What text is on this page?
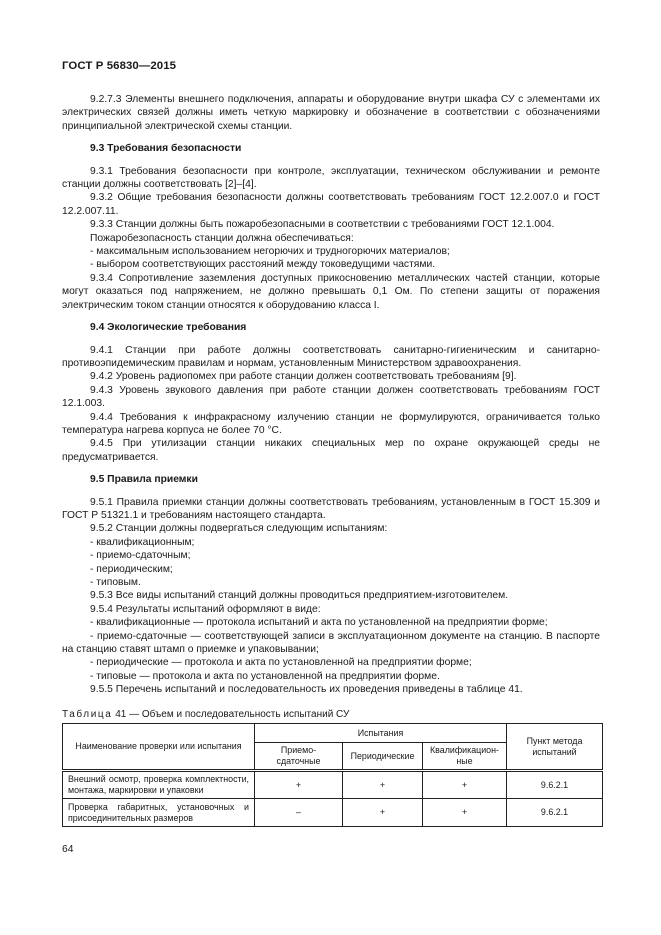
ГОСТ Р 56830—2015
9.2.7.3 Элементы внешнего подключения, аппараты и оборудование внутри шкафа СУ с элементами их электрических связей должны иметь четкую маркировку и обозначение в соответствии с обозначениями принципиальной электрической схемы станции.
9.3 Требования безопасности
9.3.1 Требования безопасности при контроле, эксплуатации, техническом обслуживании и ремонте станции должны соответствовать [2]–[4].
9.3.2 Общие требования безопасности должны соответствовать требованиям ГОСТ 12.2.007.0 и ГОСТ 12.2.007.11.
9.3.3 Станции должны быть пожаробезопасными в соответствии с требованиями ГОСТ 12.1.004.
Пожаробезопасность станции должна обеспечиваться:
- максимальным использованием негорючих и трудногорючих материалов;
- выбором соответствующих расстояний между токоведущими частями.
9.3.4 Сопротивление заземления доступных прикосновению металлических частей станции, которые могут оказаться под напряжением, не должно превышать 0,1 Ом. По степени защиты от поражения электрическим током станции относятся к оборудованию класса I.
9.4 Экологические требования
9.4.1 Станции при работе должны соответствовать санитарно-гигиеническим и санитарно-противоэпидемическим правилам и нормам, установленным Министерством здравоохранения.
9.4.2 Уровень радиопомех при работе станции должен соответствовать требованиям [9].
9.4.3 Уровень звукового давления при работе станции должен соответствовать требованиям ГОСТ 12.1.003.
9.4.4 Требования к инфракрасному излучению станции не формулируются, ограничивается только температура нагрева корпуса не более 70 °С.
9.4.5 При утилизации станции никаких специальных мер по охране окружающей среды не предусматривается.
9.5 Правила приемки
9.5.1 Правила приемки станции должны соответствовать требованиям, установленным в ГОСТ 15.309 и ГОСТ Р 51321.1 и требованиям настоящего стандарта.
9.5.2 Станции должны подвергаться следующим испытаниям:
- квалификационным;
- приемо-сдаточным;
- периодическим;
- типовым.
9.5.3 Все виды испытаний станций должны проводиться предприятием-изготовителем.
9.5.4 Результаты испытаний оформляют в виде:
- квалификационные — протокола испытаний и акта по установленной на предприятии форме;
- приемо-сдаточные — соответствующей записи в эксплуатационном документе на станцию. В паспорте на станцию ставят штамп о приемке и упаковывании;
- периодические — протокола и акта по установленной на предприятии форме;
- типовые — протокола и акта по установленной на предприятии форме.
9.5.5 Перечень испытаний и последовательность их проведения приведены в таблице 41.
Таблица 41 — Объем и последовательность испытаний СУ
Наименование проверки или испытания	Испытания			Пункт метода испытаний
	Приемо-сдаточные	Периодические	Квалификацион-ные	
Внешний осмотр, проверка комплектности, монтажа, маркировки и упаковки	+	+	+	9.6.2.1
Проверка габаритных, установочных и присоединительных размеров	–	+	+	9.6.2.1
64
